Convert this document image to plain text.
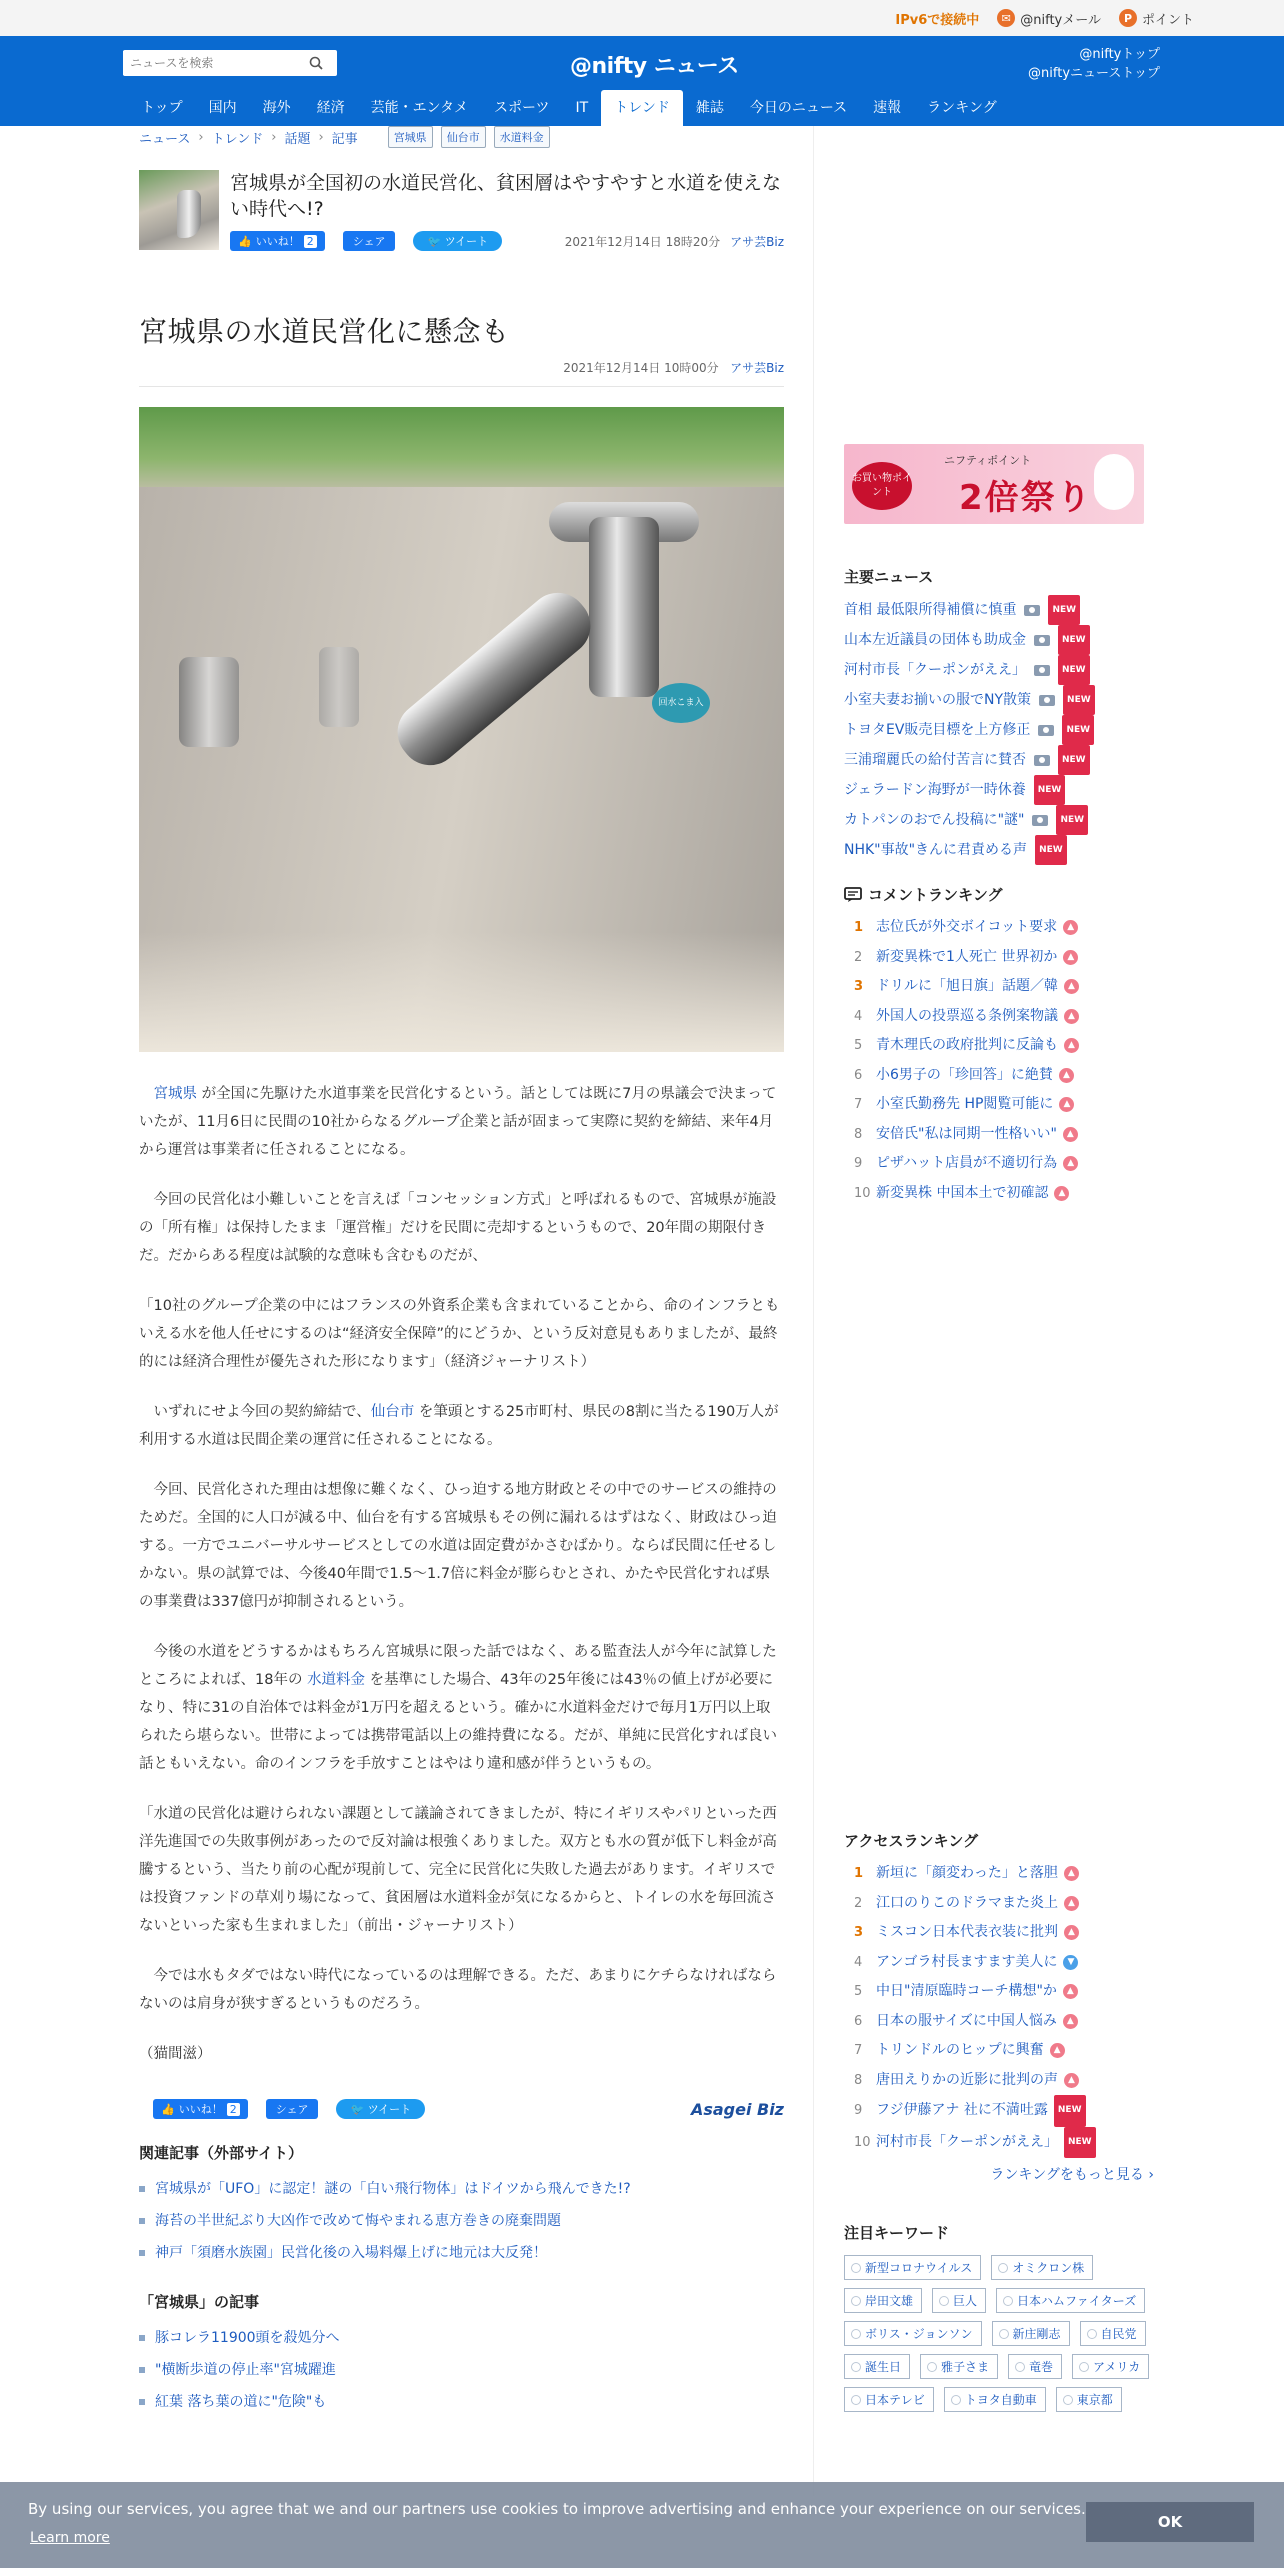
IPv6で接続中	✉ @niftyメール	P ポイント
ニュースを検索
@nifty ニュース	@niftyトップ
@niftyニューストップ
トップ	国内	海外	経済	芸能・エンタメ	スポーツ	IT	トレンド	雑誌	今日のニュース	速報	ランキング
ニュース › トレンド › 話題 › 記事	宮城県	仙台市	水道料金
宮城県が全国初の水道民営化、貧困層はやすやすと水道を使えない時代へ!?
👍 いいね！ 2	シェア	🐦 ツイート	2021年12月14日 18時20分 アサ芸Biz
宮城県の水道民営化に懸念も
2021年12月14日 10時00分 アサ芸Biz
回水こま入

　宮城県 が全国に先駆けた水道事業を民営化するという。話としては既に7月の県議会で決まっていたが、11月6日に民間の10社からなるグループ企業と話が固まって実際に契約を締結、来年4月から運営は事業者に任されることになる。

　今回の民営化は小難しいことを言えば「コンセッション方式」と呼ばれるもので、宮城県が施設の「所有権」は保持したまま「運営権」だけを民間に売却するというもので、20年間の期限付きだ。だからある程度は試験的な意味も含むものだが、

「10社のグループ企業の中にはフランスの外資系企業も含まれていることから、命のインフラともいえる水を他人任せにするのは“経済安全保障”的にどうか、という反対意見もありましたが、最終的には経済合理性が優先された形になります」（経済ジャーナリスト）

　いずれにせよ今回の契約締結で、仙台市 を筆頭とする25市町村、県民の8割に当たる190万人が利用する水道は民間企業の運営に任されることになる。

　今回、民営化された理由は想像に難くなく、ひっ迫する地方財政とその中でのサービスの維持のためだ。全国的に人口が減る中、仙台を有する宮城県もその例に漏れるはずはなく、財政はひっ迫する。一方でユニバーサルサービスとしての水道は固定費がかさむばかり。ならば民間に任せるしかない。県の試算では、今後40年間で1.5～1.7倍に料金が膨らむとされ、かたや民営化すれば県の事業費は337億円が抑制されるという。

　今後の水道をどうするかはもちろん宮城県に限った話ではなく、ある監査法人が今年に試算したところによれば、18年の 水道料金 を基準にした場合、43年の25年後には43％の値上げが必要になり、特に31の自治体では料金が1万円を超えるという。確かに水道料金だけで毎月1万円以上取られたら堪らない。世帯によっては携帯電話以上の維持費になる。だが、単純に民営化すれば良い話ともいえない。命のインフラを手放すことはやはり違和感が伴うというもの。

「水道の民営化は避けられない課題として議論されてきましたが、特にイギリスやパリといった西洋先進国での失敗事例があったので反対論は根強くありました。双方とも水の質が低下し料金が高騰するという、当たり前の心配が現前して、完全に民営化に失敗した過去があります。イギリスでは投資ファンドの草刈り場になって、貧困層は水道料金が気になるからと、トイレの水を毎回流さないといった家も生まれました」（前出・ジャーナリスト）

　今では水もタダではない時代になっているのは理解できる。ただ、あまりにケチらなければならないのは肩身が狭すぎるというものだろう。

（猫間滋）

👍 いいね！ 2	シェア	🐦 ツイート	Asagei Biz
関連記事（外部サイト）
宮城県が「UFO」に認定！謎の「白い飛行物体」はドイツから飛んできた!?
海苔の半世紀ぶり大凶作で改めて悔やまれる恵方巻きの廃棄問題
神戸「須磨水族園」民営化後の入場料爆上げに地元は大反発！
「宮城県」の記事
豚コレラ11900頭を殺処分へ
"横断歩道の停止率"宮城躍進
紅葉 落ち葉の道に"危険"も
お買い物ポイント
ニフティポイント
2倍祭り
主要ニュース
首相 最低限所得補償に慎重	NEW
山本左近議員の団体も助成金	NEW
河村市長「クーポンがええ」	NEW
小室夫妻お揃いの服でNY散策	NEW
トヨタEV販売目標を上方修正	NEW
三浦瑠麗氏の給付苦言に賛否	NEW
ジェラードン海野が一時休養	NEW
カトパンのおでん投稿に"謎"	NEW
NHK"事故"きんに君責める声	NEW
コメントランキング
1 志位氏が外交ボイコット要求	▲
2 新変異株で1人死亡 世界初か	▲
3 ドリルに「旭日旗」話題／韓	▲
4 外国人の投票巡る条例案物議	▲
5 青木理氏の政府批判に反論も	▲
6 小6男子の「珍回答」に絶賛	▲
7 小室氏勤務先 HP閲覧可能に	▲
8 安倍氏"私は同期一性格いい"	▲
9 ピザハット店員が不適切行為	▲
10 新変異株 中国本土で初確認	▲
アクセスランキング
1 新垣に「顔変わった」と落胆	▲
2 江口のりこのドラマまた炎上	▲
3 ミスコン日本代表衣装に批判	▲
4 アンゴラ村長ますます美人に	▼
5 中日"清原臨時コーチ構想"か	▲
6 日本の服サイズに中国人悩み	▲
7 トリンドルのヒップに興奮	▲
8 唐田えりかの近影に批判の声	▲
9 フジ伊藤アナ 社に不満吐露	NEW
10 河村市長「クーポンがええ」	NEW
ランキングをもっと見る ›
注目キーワード
新型コロナウイルス	オミクロン株
岸田文雄	巨人	日本ハムファイターズ
ボリス・ジョンソン	新庄剛志	自民党
誕生日	雅子さま	竜巻	アメリカ
日本テレビ	トヨタ自動車	東京都
By using our services, you agree that we and our partners use cookies to improve advertising and enhance your experience on our services.
Learn more
OK
